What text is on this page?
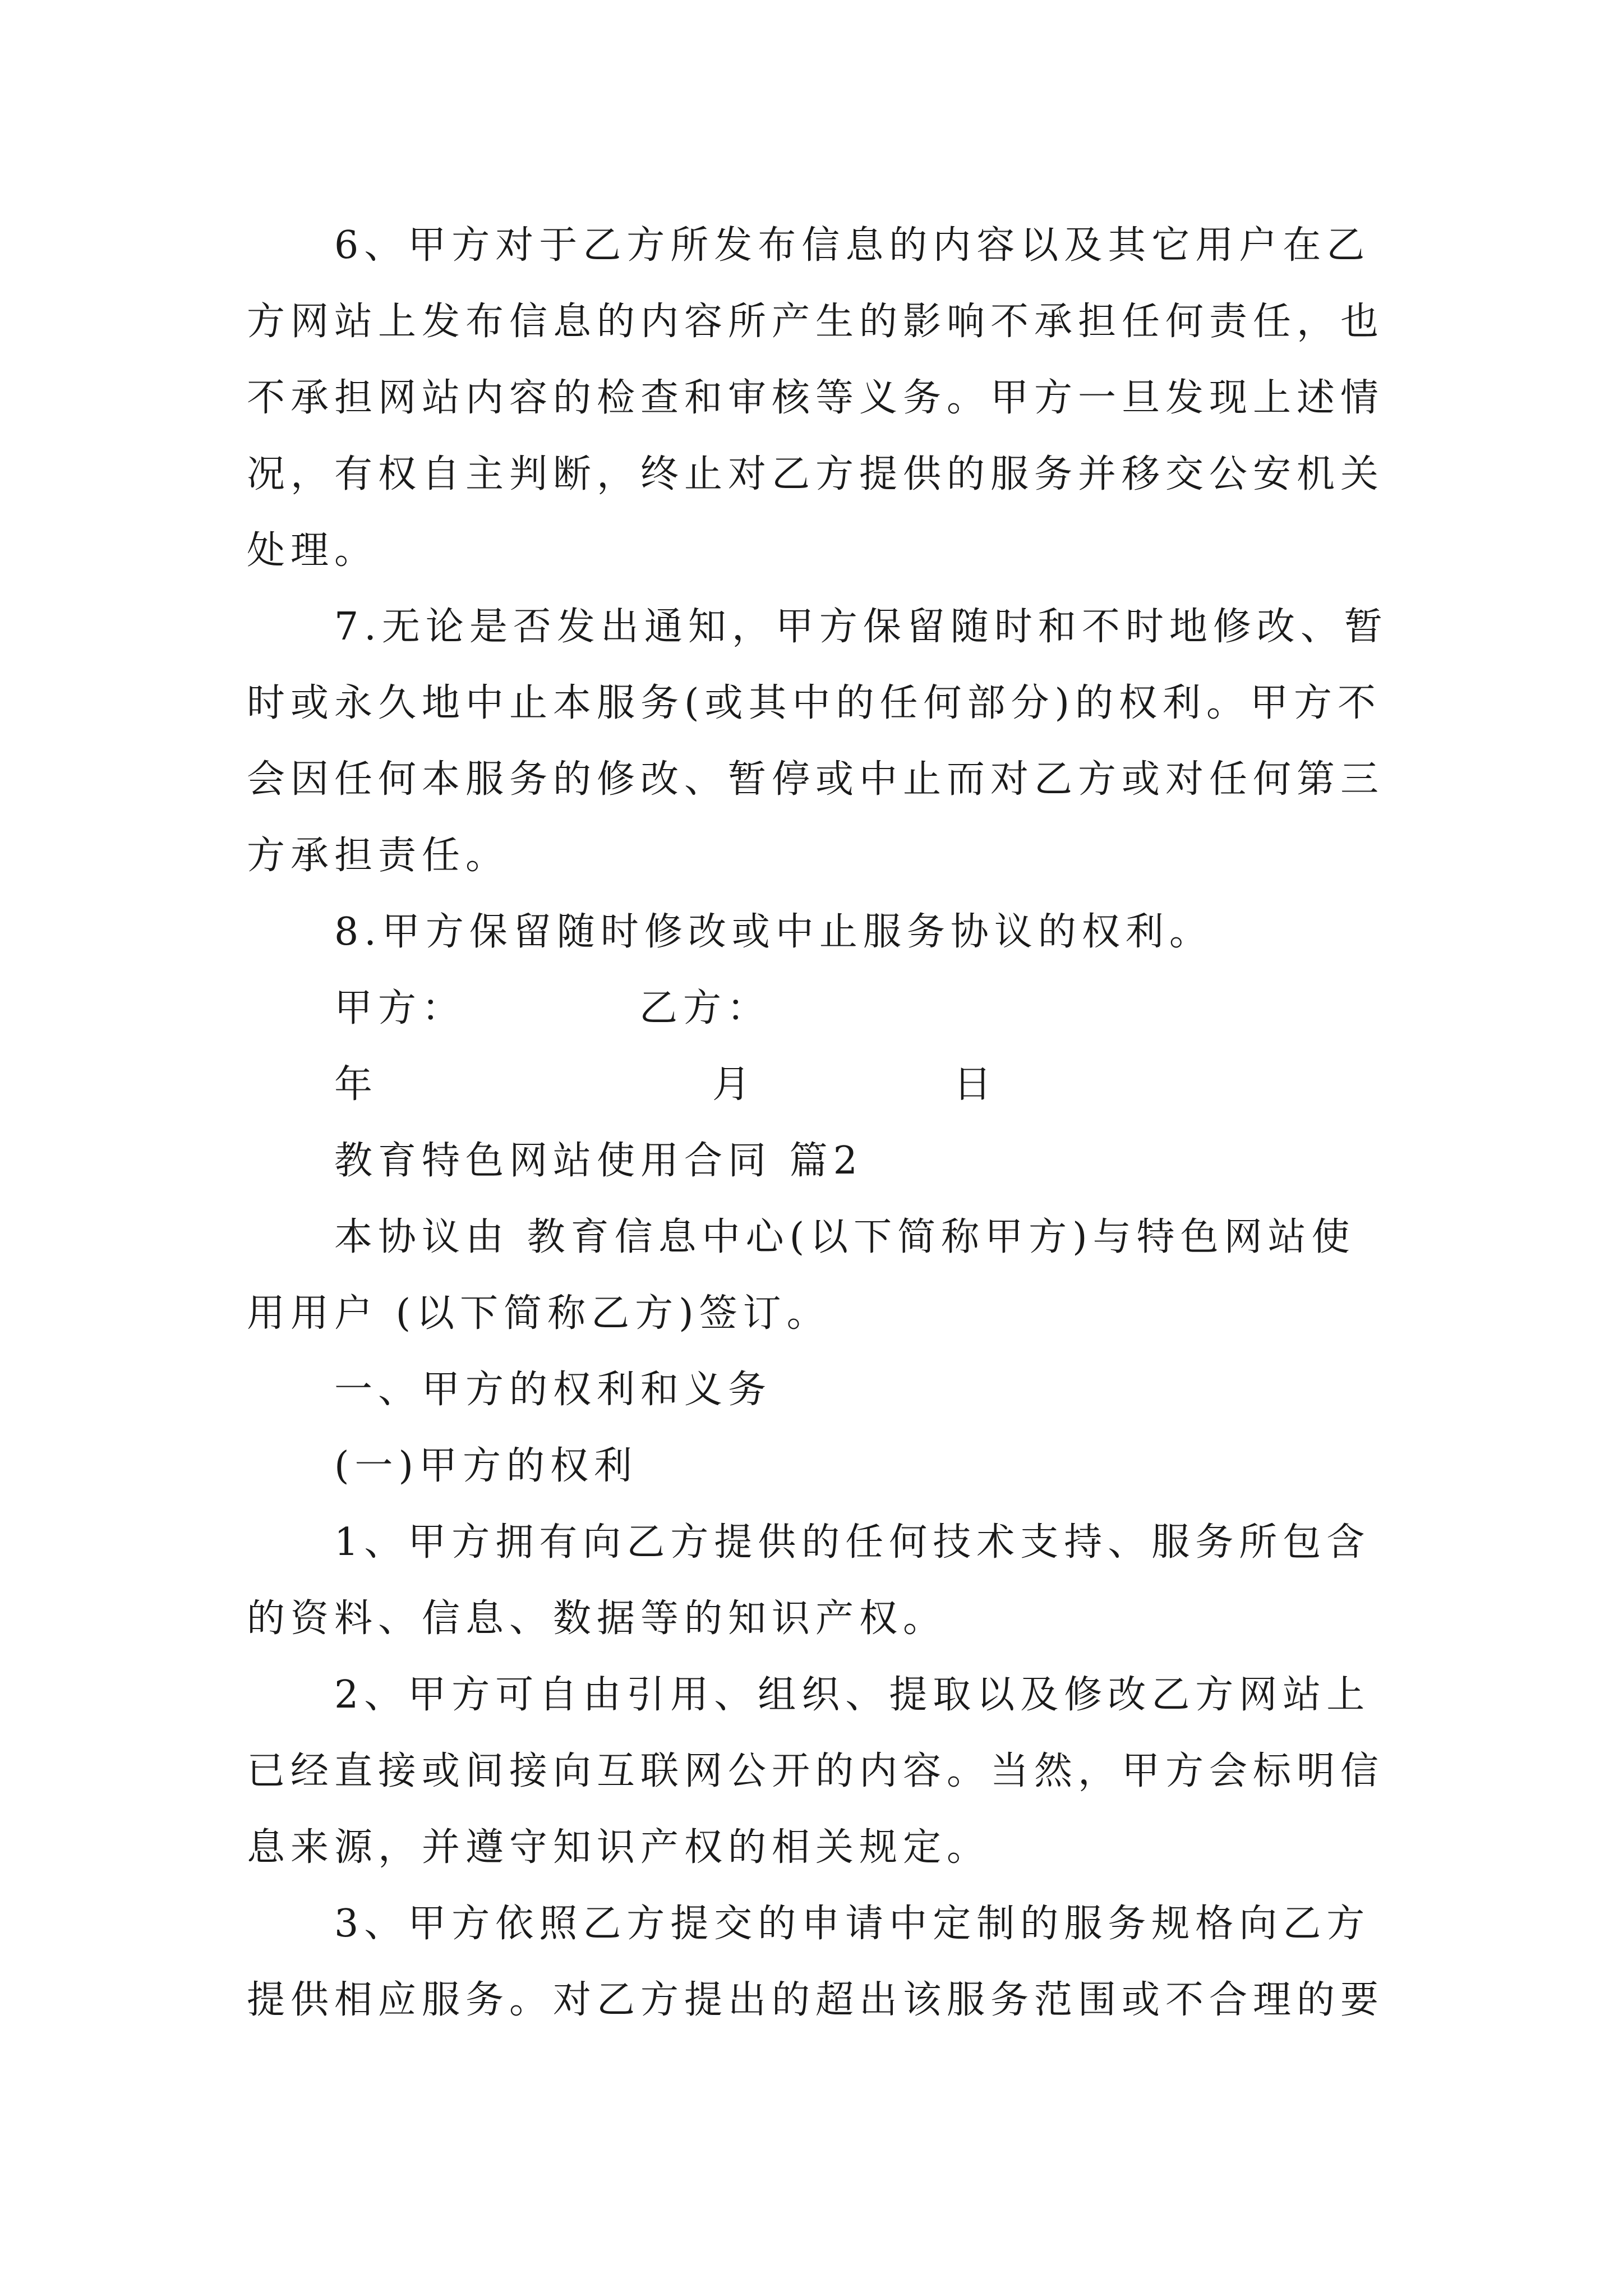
6、甲方对于乙方所发布信息的内容以及其它用户在乙
方网站上发布信息的内容所产生的影响不承担任何责任，也
不承担网站内容的检查和审核等义务。甲方一旦发现上述情
况，有权自主判断，终止对乙方提供的服务并移交公安机关
处理。
7.无论是否发出通知，甲方保留随时和不时地修改、暂
时或永久地中止本服务(或其中的任何部分)的权利。甲方不
会因任何本服务的修改、暂停或中止而对乙方或对任何第三
方承担责任。
8.甲方保留随时修改或中止服务协议的权利。
甲方：	乙方：
年	月	日
教育特色网站使用合同 篇2
本协议由 教育信息中心(以下简称甲方)与特色网站使
用用户 (以下简称乙方)签订。
一、甲方的权利和义务
(一)甲方的权利
1、甲方拥有向乙方提供的任何技术支持、服务所包含
的资料、信息、数据等的知识产权。
2、甲方可自由引用、组织、提取以及修改乙方网站上
已经直接或间接向互联网公开的内容。当然，甲方会标明信
息来源，并遵守知识产权的相关规定。
3、甲方依照乙方提交的申请中定制的服务规格向乙方
提供相应服务。对乙方提出的超出该服务范围或不合理的要
